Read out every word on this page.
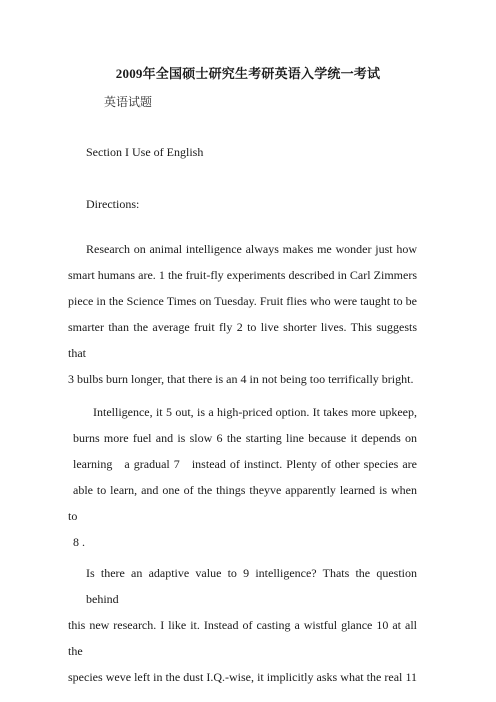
2009年全国硕士研究生考研英语入学统一考试
英语试题
Section I Use of English
Directions:
Research on animal intelligence always makes me wonder just how
smart humans are. 1 the fruit-fly experiments described in Carl Zimmers
piece in the Science Times on Tuesday. Fruit flies who were taught to be
smarter than the average fruit fly 2 to live shorter lives. This suggests that
3 bulbs burn longer, that there is an 4 in not being too terrifically bright.
Intelligence, it 5 out, is a high-priced option. It takes more upkeep,
burns more fuel and is slow 6 the starting line because it depends on
learning   a gradual 7   instead of instinct. Plenty of other species are
able to learn, and one of the things theyve apparently learned is when to
8 .
Is there an adaptive value to 9 intelligence? Thats the question behind
this new research. I like it. Instead of casting a wistful glance 10 at all the
species weve left in the dust I.Q.-wise, it implicitly asks what the real 11
